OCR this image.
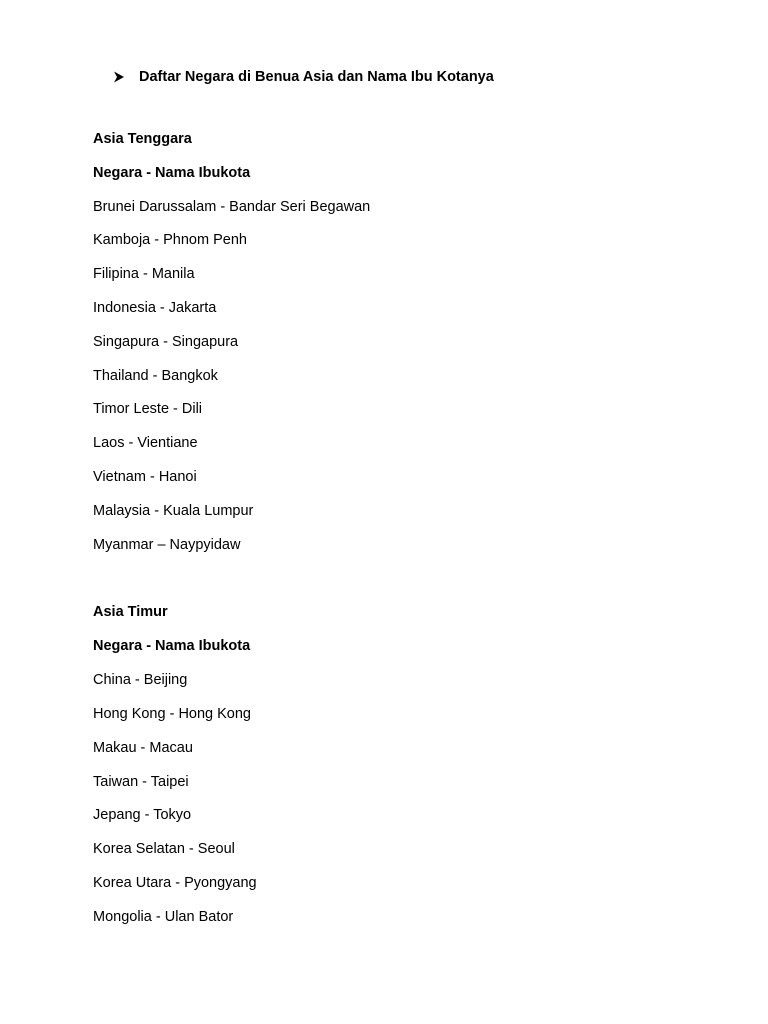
Daftar Negara di Benua Asia dan Nama Ibu Kotanya
Asia Tenggara
Negara - Nama Ibukota
Brunei Darussalam - Bandar Seri Begawan
Kamboja - Phnom Penh
Filipina - Manila
Indonesia - Jakarta
Singapura - Singapura
Thailand - Bangkok
Timor Leste - Dili
Laos - Vientiane
Vietnam - Hanoi
Malaysia - Kuala Lumpur
Myanmar – Naypyidaw
Asia Timur
Negara - Nama Ibukota
China - Beijing
Hong Kong - Hong Kong
Makau - Macau
Taiwan - Taipei
Jepang - Tokyo
Korea Selatan - Seoul
Korea Utara - Pyongyang
Mongolia - Ulan Bator
